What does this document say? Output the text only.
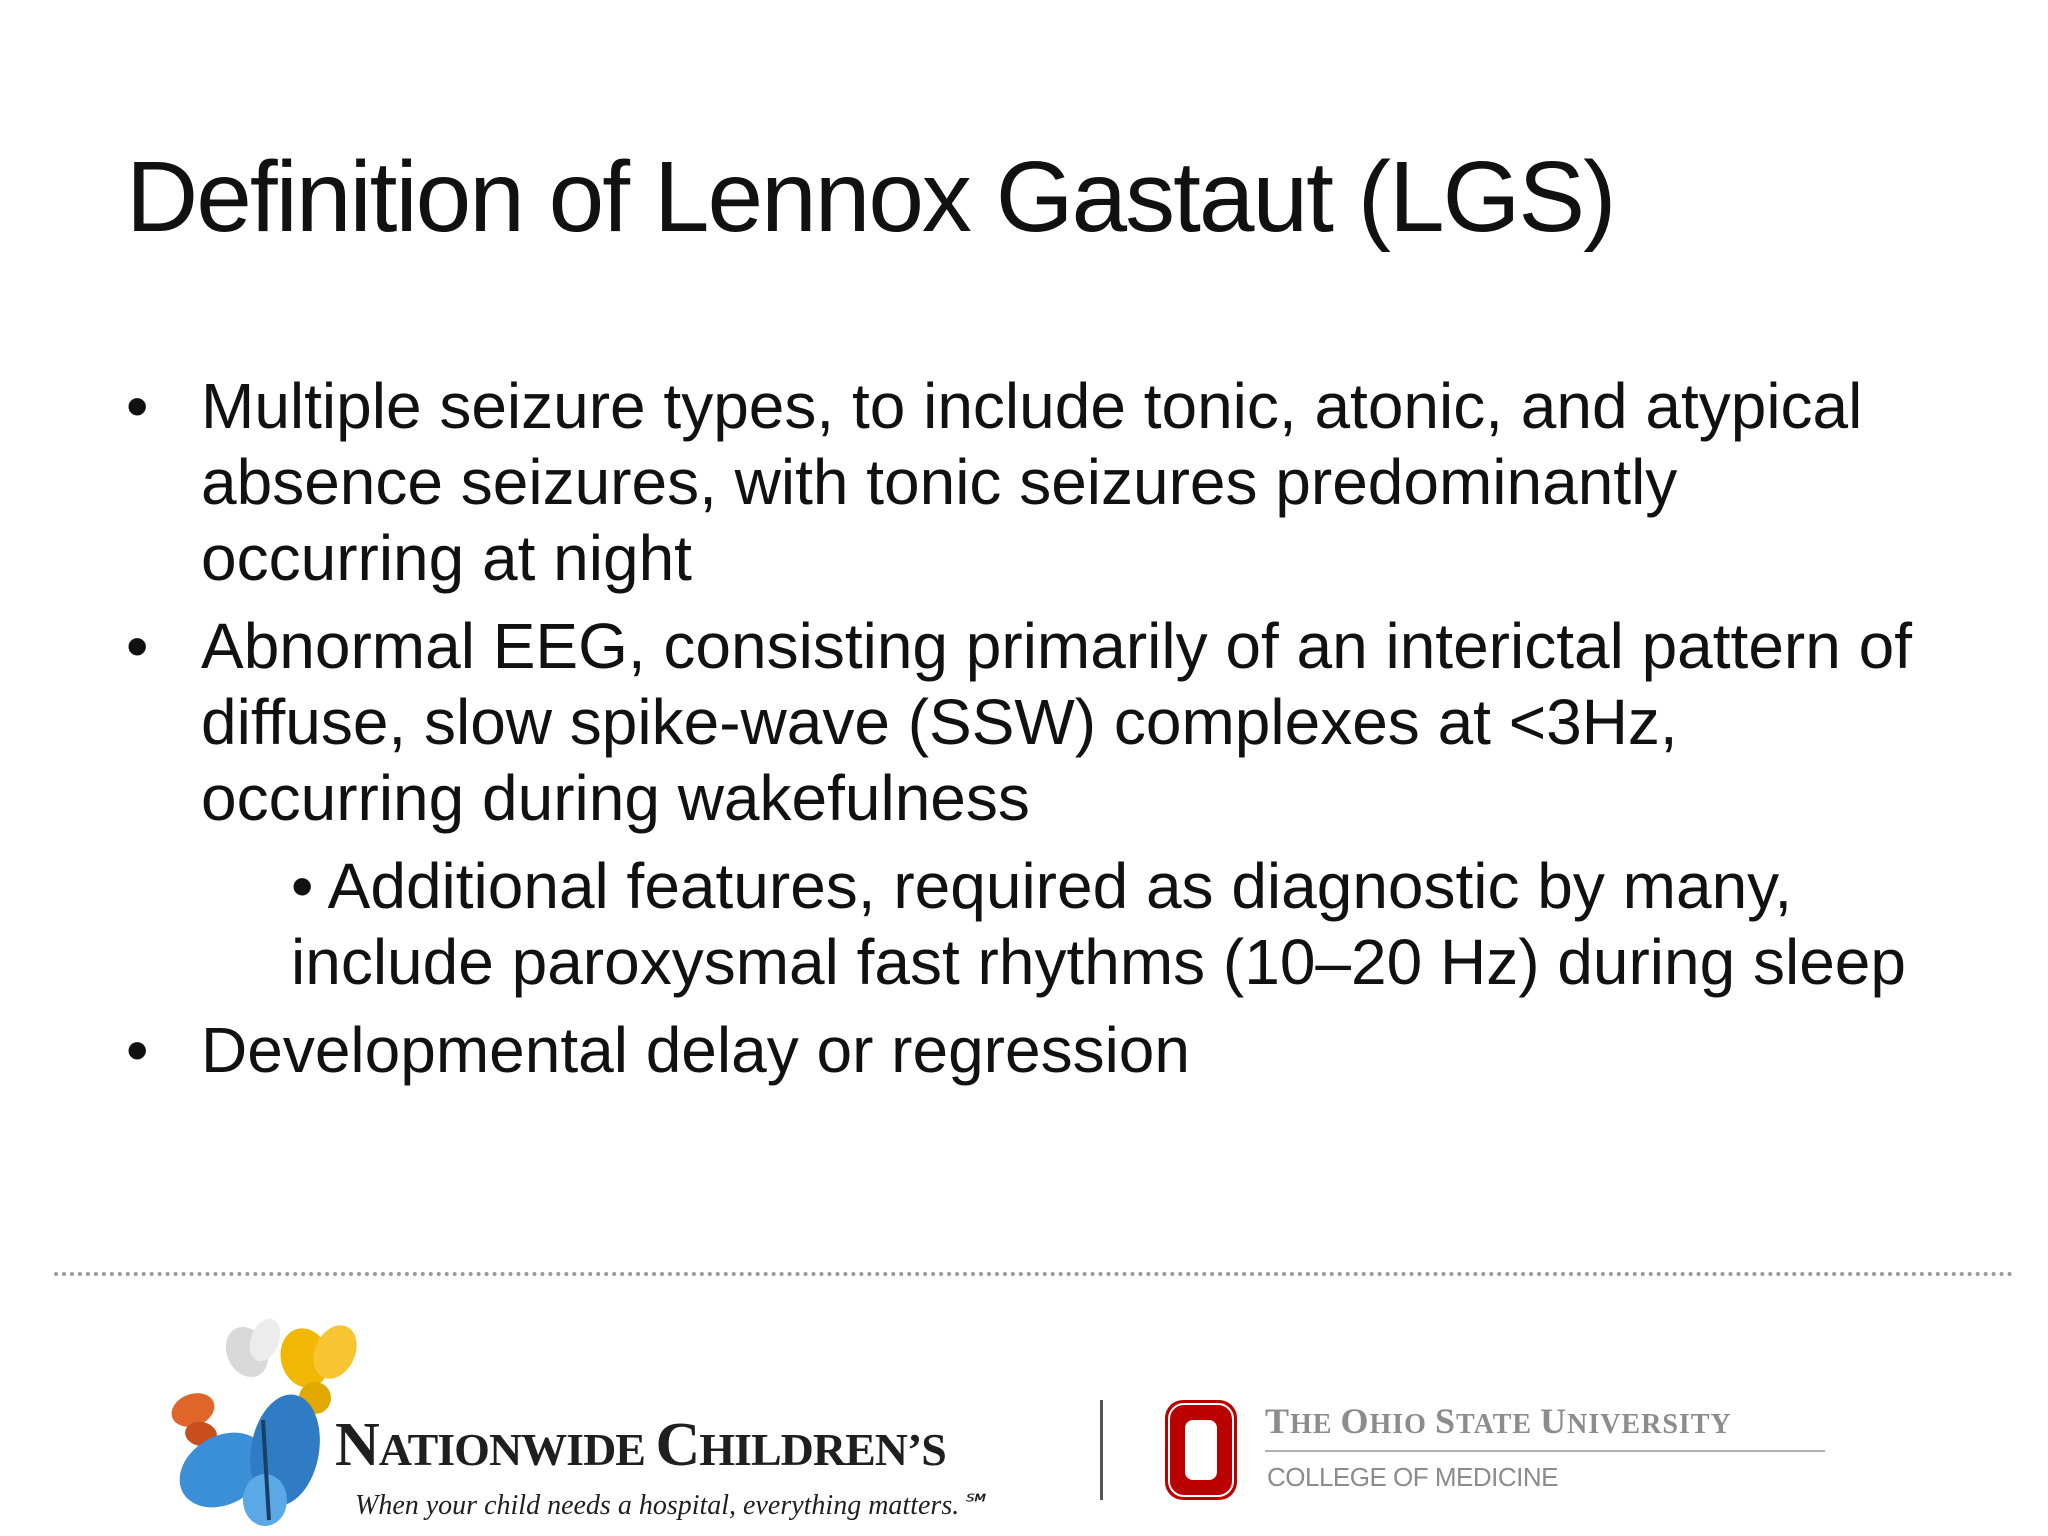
Definition of Lennox Gastaut (LGS)
• Multiple seizure types, to include tonic, atonic, and atypical absence seizures, with tonic seizures predominantly occurring at night
• Abnormal EEG, consisting primarily of an interictal pattern of diffuse, slow spike-wave (SSW) complexes at <3Hz, occurring during wakefulness
• Additional features, required as diagnostic by many, include paroxysmal fast rhythms (10–20 Hz) during sleep
• Developmental delay or regression
NATIONWIDE CHILDREN’S
When your child needs a hospital, everything matters.℠
THE OHIO STATE UNIVERSITY
COLLEGE OF MEDICINE
